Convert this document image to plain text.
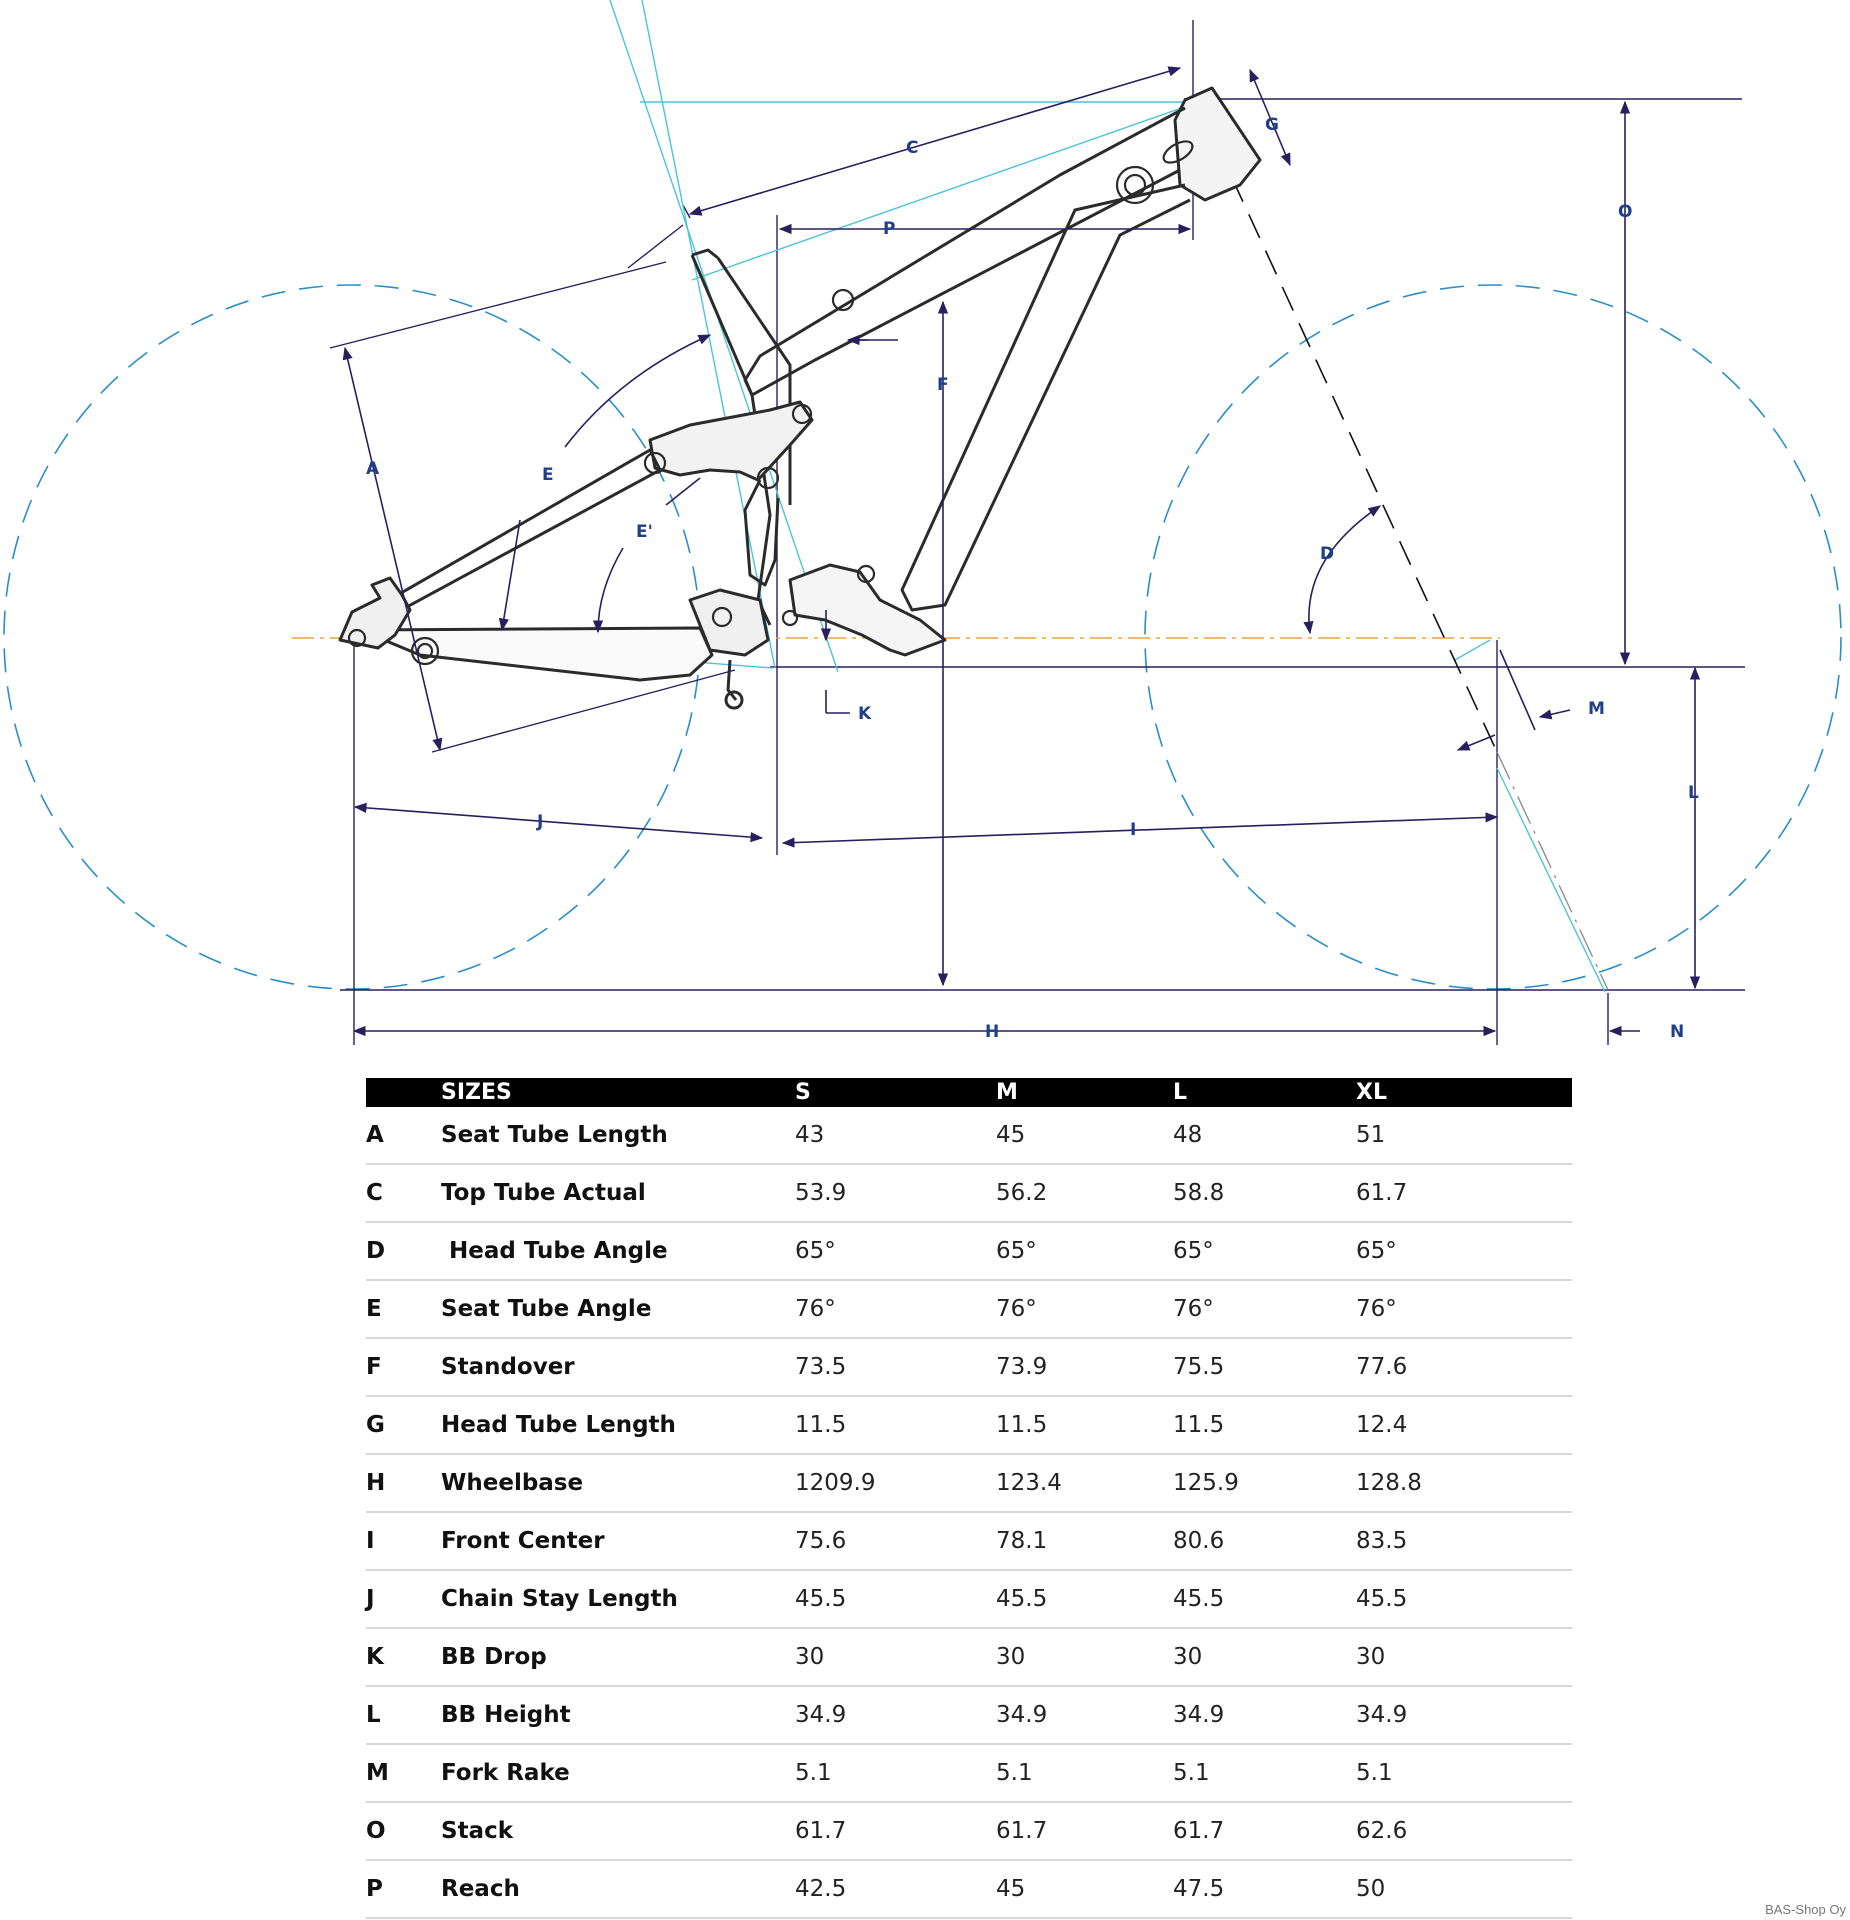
C
G
O
P
F
A	E
E'
D
K	M
L
J	I
H	N
	SIZES	S	M	L	XL
A	Seat Tube Length	43	45	48	51
C	Top Tube Actual	53.9	56.2	58.8	61.7
D	Head Tube Angle	65°	65°	65°	65°
E	Seat Tube Angle	76°	76°	76°	76°
F	Standover	73.5	73.9	75.5	77.6
G	Head Tube Length	11.5	11.5	11.5	12.4
H	Wheelbase	1209.9	123.4	125.9	128.8
I	Front Center	75.6	78.1	80.6	83.5
J	Chain Stay Length	45.5	45.5	45.5	45.5
K	BB Drop	30	30	30	30
L	BB Height	34.9	34.9	34.9	34.9
M	Fork Rake	5.1	5.1	5.1	5.1
O	Stack	61.7	61.7	61.7	62.6
P	Reach	42.5	45	47.5	50
BAS-Shop Oy
